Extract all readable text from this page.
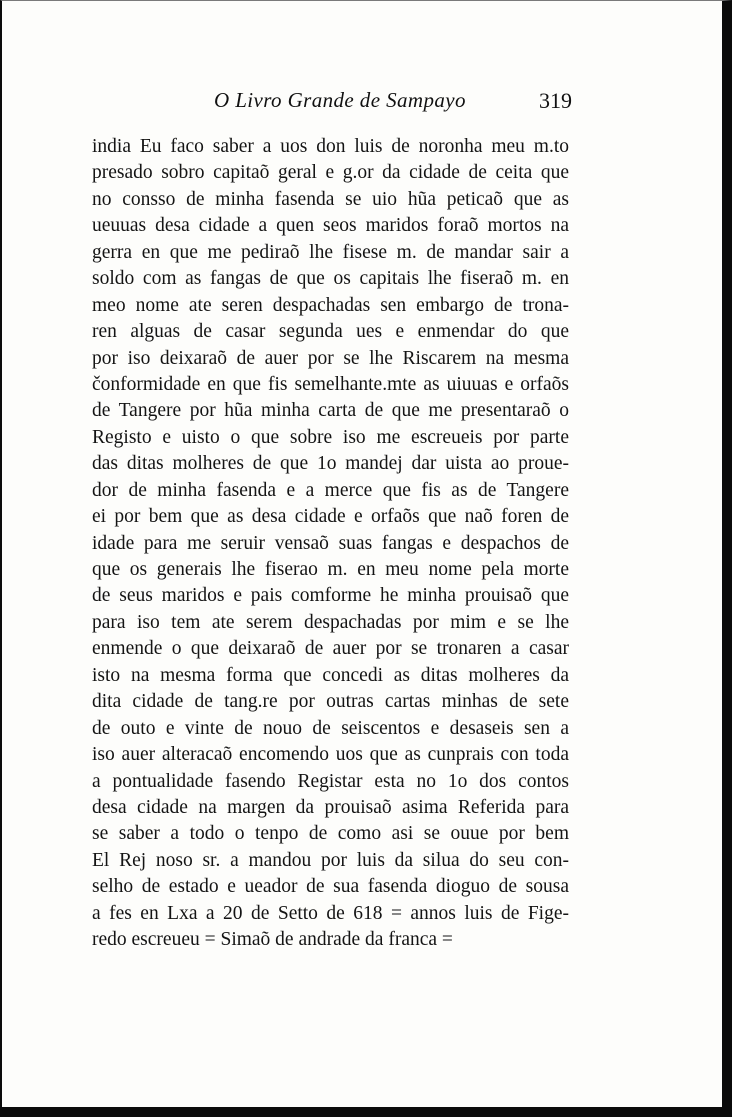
O Livro Grande de Sampayo	319
india Eu faco saber a uos don luis de noronha meu m.to
presado sobro capitaõ geral e g.or da cidade de ceita que
no consso de minha fasenda se uio hũa peticaõ que as
ueuuas desa cidade a quen seos maridos foraõ mortos na
gerra en que me pediraõ lhe fisese m. de mandar sair a
soldo com as fangas de que os capitais lhe fiseraõ m. en
meo nome ate seren despachadas sen embargo de trona-
ren alguas de casar segunda ues e enmendar do que
por iso deixaraõ de auer por se lhe Riscarem na mesma
čonformidade en que fis semelhante.mte as uiuuas e orfaõs
de Tangere por hũa minha carta de que me presentaraõ o
Registo e uisto o que sobre iso me escreueis por parte
das ditas molheres de que 1o mandej dar uista ao proue-
dor de minha fasenda e a merce que fis as de Tangere
ei por bem que as desa cidade e orfaõs que naõ foren de
idade para me seruir vensaõ suas fangas e despachos de
que os generais lhe fiserao m. en meu nome pela morte
de seus maridos e pais comforme he minha prouisaõ que
para iso tem ate serem despachadas por mim e se lhe
enmende o que deixaraõ de auer por se tronaren a casar
isto na mesma forma que concedi as ditas molheres da
dita cidade de tang.re por outras cartas minhas de sete
de outo e vinte de nouo de seiscentos e desaseis sen a
iso auer alteracaõ encomendo uos que as cunprais con toda
a pontualidade fasendo Registar esta no 1o dos contos
desa cidade na margen da prouisaõ asima Referida para
se saber a todo o tenpo de como asi se ouue por bem
El Rej noso sr. a mandou por luis da silua do seu con-
selho de estado e ueador de sua fasenda dioguo de sousa
a fes en Lxa a 20 de Setto de 618 = annos luis de Fige-
redo escreueu = Simaõ de andrade da franca =
